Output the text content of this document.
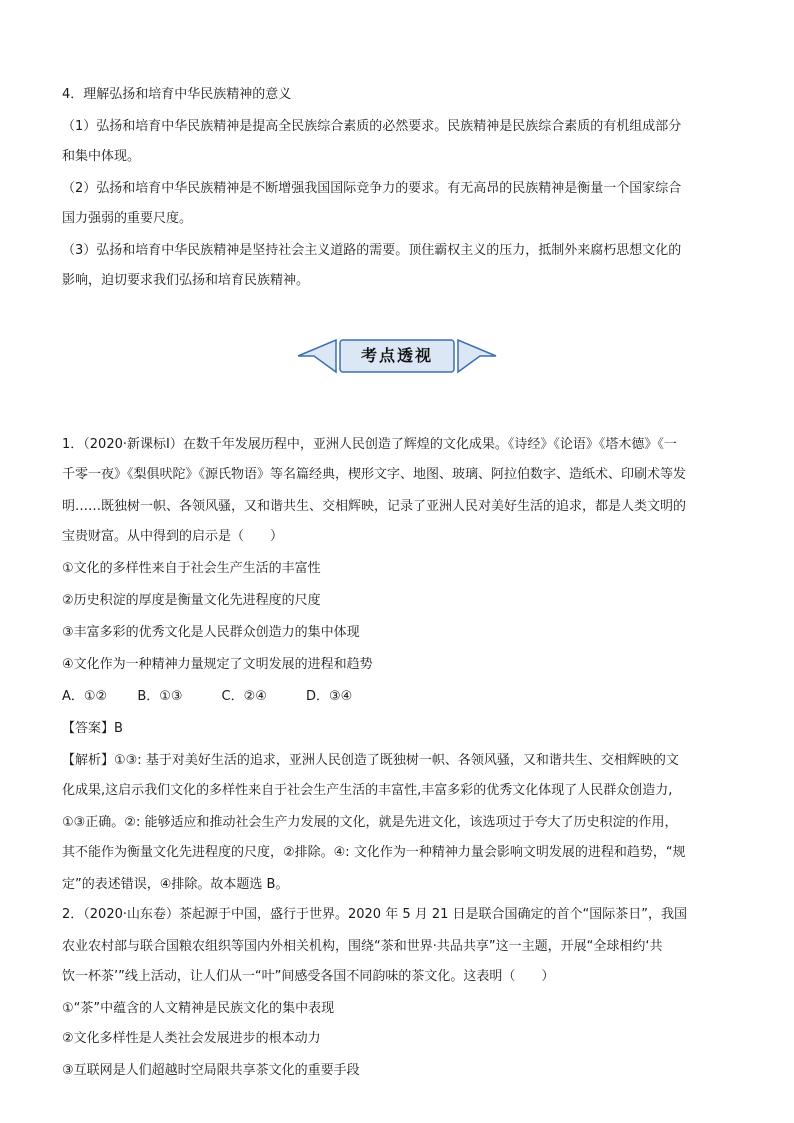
4．理解弘扬和培育中华民族精神的意义
（1）弘扬和培育中华民族精神是提高全民族综合素质的必然要求。民族精神是民族综合素质的有机组成部分
和集中体现。
（2）弘扬和培育中华民族精神是不断增强我国国际竞争力的要求。有无高昂的民族精神是衡量一个国家综合
国力强弱的重要尺度。
（3）弘扬和培育中华民族精神是坚持社会主义道路的需要。顶住霸权主义的压力，抵制外来腐朽思想文化的
影响，迫切要求我们弘扬和培育民族精神。
考点透视
1．（2020·新课标Ⅰ）在数千年发展历程中，亚洲人民创造了辉煌的文化成果。《诗经》《论语》《塔木德》《一
千零一夜》《梨俱吠陀》《源氏物语》等名篇经典，楔形文字、地图、玻璃、阿拉伯数字、造纸术、印刷术等发
明……既独树一帜、各领风骚，又和谐共生、交相辉映，记录了亚洲人民对美好生活的追求，都是人类文明的
宝贵财富。从中得到的启示是（　　）
①文化的多样性来自于社会生产生活的丰富性
②历史积淀的厚度是衡量文化先进程度的尺度
③丰富多彩的优秀文化是人民群众创造力的集中体现
④文化作为一种精神力量规定了文明发展的进程和趋势
A．①②　　 B．①③　　　C．②④　　　D．③④
【答案】B
【解析】①③: 基于对美好生活的追求，亚洲人民创造了既独树一帜、各领风骚，又和谐共生、交相辉映的文
化成果,这启示我们文化的多样性来自于社会生产生活的丰富性,丰富多彩的优秀文化体现了人民群众创造力,
①③正确。②: 能够适应和推动社会生产力发展的文化，就是先进文化，该选项过于夸大了历史积淀的作用，
其不能作为衡量文化先进程度的尺度，②排除。④: 文化作为一种精神力量会影响文明发展的进程和趋势，“规
定”的表述错误，④排除。故本题选 B。
2．（2020·山东卷）茶起源于中国，盛行于世界。2020 年 5 月 21 日是联合国确定的首个“国际茶日”，我国
农业农村部与联合国粮农组织等国内外相关机构，围绕“茶和世界·共品共享”这一主题，开展“全球相约‘共
饮一杯茶’”线上活动，让人们从一“叶”间感受各国不同韵味的茶文化。这表明（　　）
①“茶”中蕴含的人文精神是民族文化的集中表现
②文化多样性是人类社会发展进步的根本动力
③互联网是人们超越时空局限共享茶文化的重要手段
